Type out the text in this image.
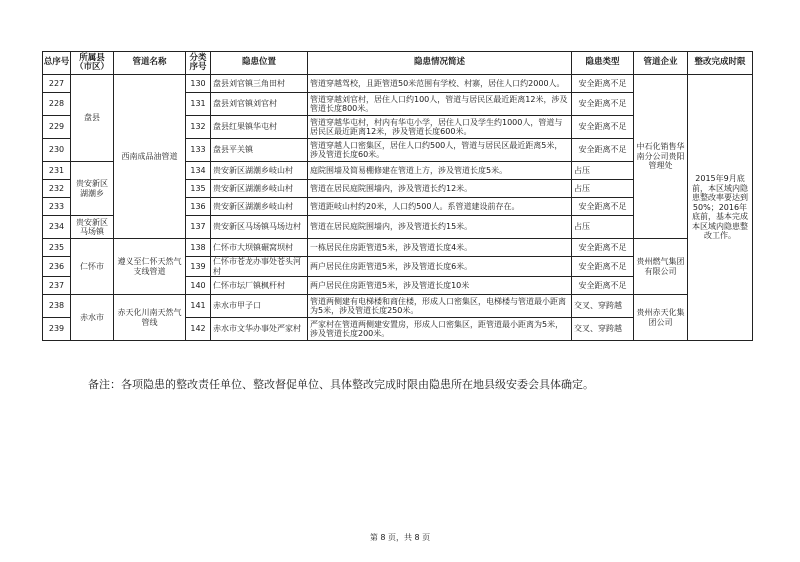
总序号	所属县（市区）	管道名称	分类序号	隐患位置	隐患情况简述	隐患类型	管道企业	整改完成时限
227	盘县	西南成品油管道	130	盘县刘官镇三角田村	管道穿越驾校，且距管道50米范围有学校、村寨，居住人口约2000人。	安全距离不足	中石化销售华南分公司贵阳管理处	2015年9月底前，本区域内隐患整改率要达到50%；2016年底前，基本完成本区域内隐患整改工作。
228			131	盘县刘官镇刘官村	管道穿越刘官村，居住人口约100人，管道与居民区最近距离12米，涉及管道长度800米。	安全距离不足		
229			132	盘县红果镇华屯村	管道穿越华屯村，村内有华屯小学，居住人口及学生约1000人，管道与居民区最近距离12米，涉及管道长度600米。	安全距离不足		
230			133	盘县平关镇	管道穿越人口密集区，居住人口约500人，管道与居民区最近距离5米，涉及管道长度60米。	安全距离不足		
231	贵安新区湖潮乡		134	贵安新区湖潮乡岐山村	庭院围墙及简易棚修建在管道上方，涉及管道长度5米。	占压		
232			135	贵安新区湖潮乡岐山村	管道在居民庭院围墙内，涉及管道长约12米。	占压		
233			136	贵安新区湖潮乡岐山村	管道距岐山村约20米，人口约500人。系管道建设前存在。	安全距离不足		
234	贵安新区马场镇		137	贵安新区马场镇马场边村	管道在居民庭院围墙内，涉及管道长约15米。	占压		
235	仁怀市	遵义至仁怀天然气支线管道	138	仁怀市大坝镇碾窝坝村	一栋居民住房距管道5米，涉及管道长度4米。	安全距离不足	贵州燃气集团有限公司	
236			139	仁怀市苍龙办事处苍头河村	两户居民住房距管道5米，涉及管道长度6米。	安全距离不足		
237			140	仁怀市坛厂镇枫杆村	两户居民住房距管道5米，涉及管道长度10米	安全距离不足		
238	赤水市	赤天化川南天然气管线	141	赤水市甲子口	管道两侧建有电梯楼和商住楼，形成人口密集区，电梯楼与管道最小距离为5米，涉及管道长度250米。	交叉、穿跨越	贵州赤天化集团公司	
239			142	赤水市文华办事处严家村	严家村在管道两侧建安置房，形成人口密集区，距管道最小距离为5米，涉及管道长度200米。	交叉、穿跨越		
备注：各项隐患的整改责任单位、整改督促单位、具体整改完成时限由隐患所在地县级安委会具体确定。
第 8 页，共 8 页
